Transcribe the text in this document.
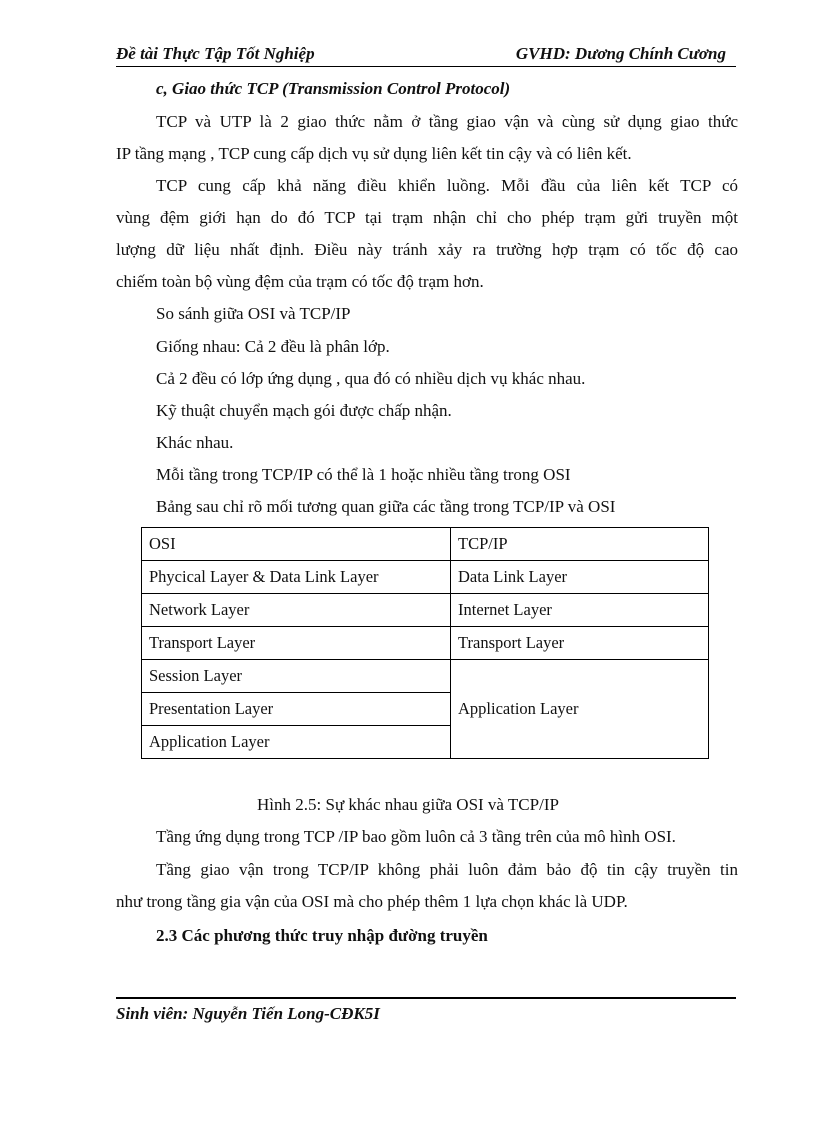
Đề tài Thực Tập Tốt Nghiệp	GVHD: Dương Chính Cương
c, Giao thức TCP (Transmission Control Protocol)
TCP và UTP là 2 giao thức nằm ở tầng giao vận và cùng sử dụng giao thức
IP tầng mạng , TCP cung cấp dịch vụ sử dụng liên kết tin cậy và có liên kết.
TCP cung cấp khả năng điều khiển luồng. Mỗi đầu của liên kết TCP có
vùng đệm giới hạn do đó TCP tại trạm nhận chỉ cho phép trạm gửi truyền một
lượng dữ liệu nhất định. Điều này tránh xảy ra trường hợp trạm có tốc độ cao
chiếm toàn bộ vùng đệm của trạm có tốc độ trạm hơn.
So sánh giữa OSI và TCP/IP
Giống nhau: Cả 2 đều là phân lớp.
Cả 2 đều có lớp ứng dụng , qua đó có nhiều dịch vụ khác nhau.
Kỹ thuật chuyển mạch gói được chấp nhận.
Khác nhau.
Mỗi tầng trong TCP/IP có thể là 1 hoặc nhiều tầng trong OSI
Bảng sau chỉ rõ mối tương quan giữa các tầng trong TCP/IP và OSI
OSI	TCP/IP
Phycical Layer & Data Link Layer	Data Link Layer
Network Layer	Internet Layer
Transport Layer	Transport Layer
Session Layer	Application Layer
Presentation Layer	
Application Layer	
Hình 2.5: Sự khác nhau giữa OSI và TCP/IP
Tầng ứng dụng trong TCP /IP bao gồm luôn cả 3 tầng trên của mô hình OSI.
Tầng giao vận trong TCP/IP không phải luôn đảm bảo độ tin cậy truyền tin
như trong tầng gia vận của OSI mà cho phép thêm 1 lựa chọn khác là UDP.
2.3 Các phương thức truy nhập đường truyền
Sinh viên: Nguyễn Tiến Long-CĐK5I
